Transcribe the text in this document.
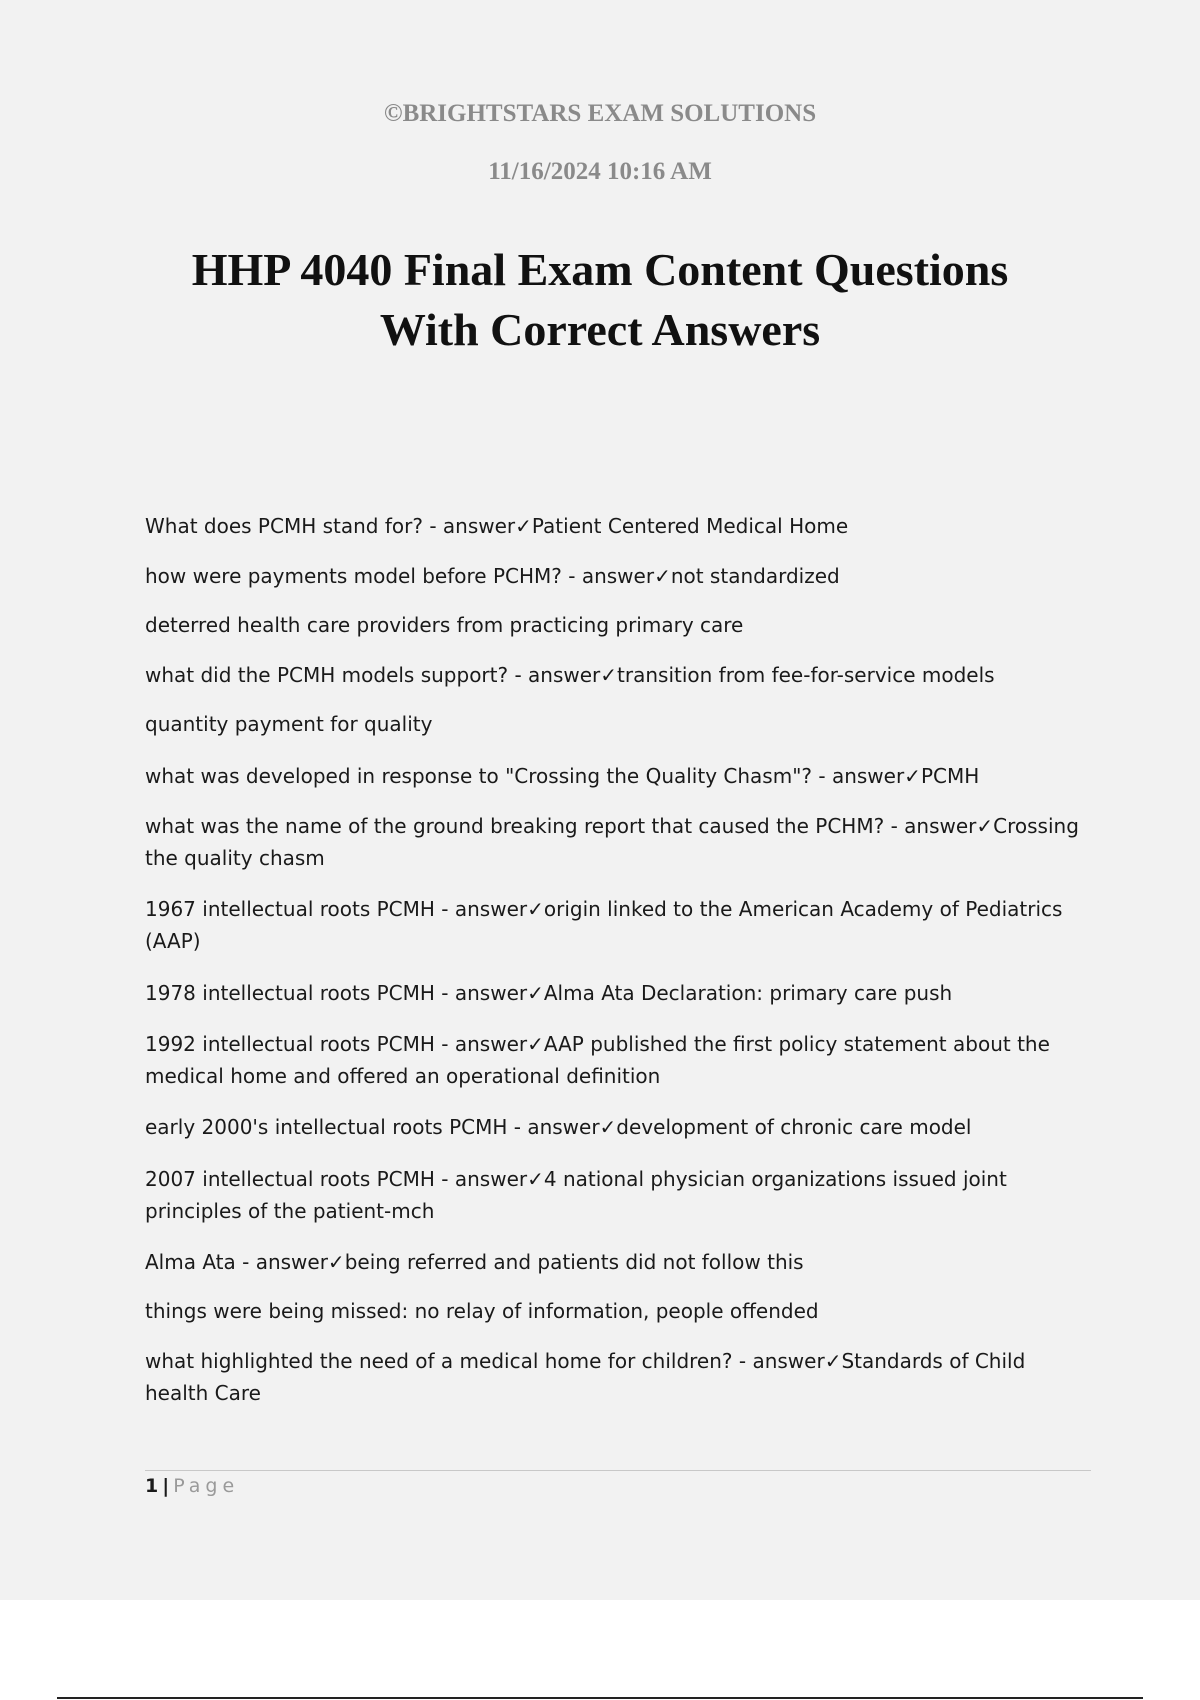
©BRIGHTSTARS EXAM SOLUTIONS
11/16/2024 10:16 AM
HHP 4040 Final Exam Content Questions
With Correct Answers

What does PCMH stand for? - answer✓Patient Centered Medical Home

how were payments model before PCHM? - answer✓not standardized

deterred health care providers from practicing primary care

what did the PCMH models support? - answer✓transition from fee-for-service models

quantity payment for quality

what was developed in response to "Crossing the Quality Chasm"? - answer✓PCMH

what was the name of the ground breaking report that caused the PCHM? - answer✓Crossing the quality chasm

1967 intellectual roots PCMH - answer✓origin linked to the American Academy of Pediatrics (AAP)

1978 intellectual roots PCMH - answer✓Alma Ata Declaration: primary care push

1992 intellectual roots PCMH - answer✓AAP published the first policy statement about the medical home and offered an operational definition

early 2000's intellectual roots PCMH - answer✓development of chronic care model

2007 intellectual roots PCMH - answer✓4 national physician organizations issued joint principles of the patient-mch

Alma Ata - answer✓being referred and patients did not follow this

things were being missed: no relay of information, people offended

what highlighted the need of a medical home for children? - answer✓Standards of Child health Care

1 | Page
